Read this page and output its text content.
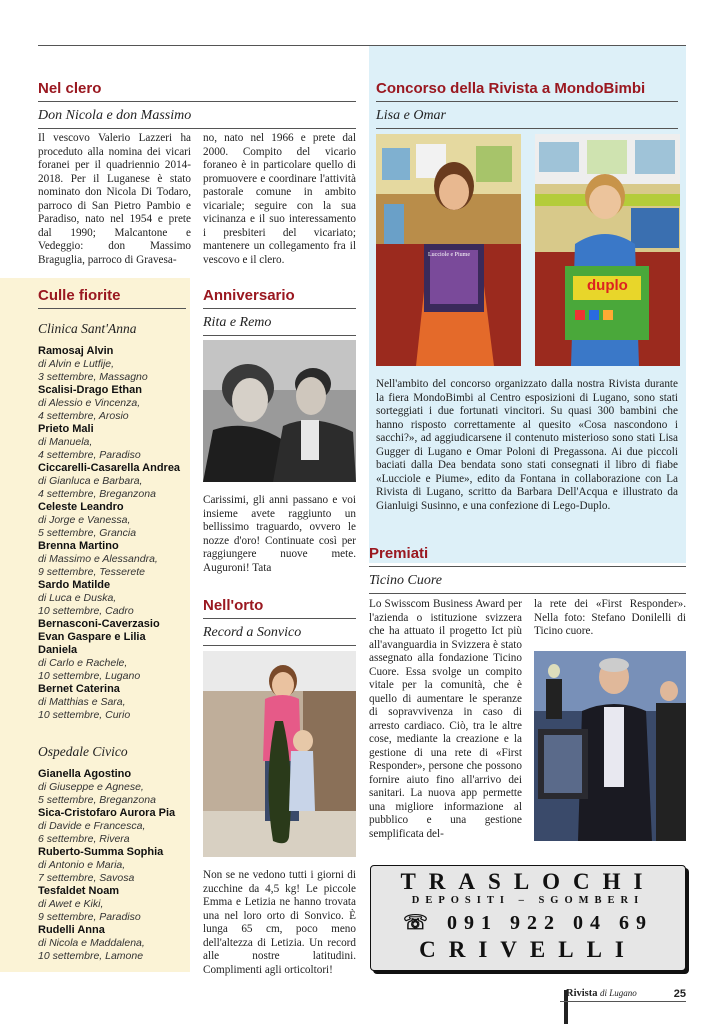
Nel clero

Don Nicola e don Massimo

Il vescovo Valerio Lazzeri ha proceduto alla nomina dei vicari foranei per il quadriennio 2014-2018. Per il Luganese è stato nominato don Nicola Di Todaro, parroco di San Pietro Pambio e Paradiso, nato nel 1954 e prete dal 1990; Malcantone e Vedeggio: don Massimo Braguglia, parroco di Gravesa-

no, nato nel 1966 e prete dal 2000. Compito del vicario foraneo è in particolare quello di promuovere e coordinare l'attività pastorale comune in ambito vicariale; seguire con la sua vicinanza e il suo interessamento i presbiteri del vicariato; mantenere un collegamento fra il vescovo e il clero.

Concorso della Rivista a MondoBimbi

Lisa e Omar

Lucciole e Piume
duplo

Nell'ambito del concorso organizzato dalla nostra Rivista durante la fiera MondoBimbi al Centro esposizioni di Lugano, sono stati sorteggiati i due fortunati vincitori. Su quasi 300 bambini che hanno risposto correttamente al quesito «Cosa nascondono i sacchi?», ad aggiudicarsene il contenuto misterioso sono stati Lisa Gugger di Lugano e Omar Poloni di Pregassona. Ai due piccoli baciati dalla Dea bendata sono stati consegnati il libro di fiabe «Lucciole e Piume», edito da Fontana in collaborazione con La Rivista di Lugano, scritto da Barbara Dell'Acqua e illustrato da Gianluigi Susinno, e una confezione di Lego-Duplo.

Culle fiorite

Clinica Sant'Anna

Ramosaj Alvin

di Alvin e Lutfije,

3 settembre, Massagno

Scalisi-Drago Ethan

di Alessio e Vincenza,

4 settembre, Arosio

Prieto Mali

di Manuela,

4 settembre, Paradiso

Ciccarelli-Casarella Andrea

di Gianluca e Barbara,

4 settembre, Breganzona

Celeste Leandro

di Jorge e Vanessa,

5 settembre, Grancia

Brenna Martino

di Massimo e Alessandra,

9 settembre, Tesserete

Sardo Matilde

di Luca e Duska,

10 settembre, Cadro

Bernasconi-Caverzasio

Evan Gaspare e Lilia Daniela

di Carlo e Rachele,

10 settembre, Lugano

Bernet Caterina

di Matthias e Sara,

10 settembre, Curio

Ospedale Civico

Gianella Agostino

di Giuseppe e Agnese,

5 settembre, Breganzona

Sica-Cristofaro Aurora Pia

di Davide e Francesca,

6 settembre, Rivera

Ruberto-Summa Sophia

di Antonio e Maria,

7 settembre, Savosa

Tesfaldet Noam

di Awet e Kiki,

9 settembre, Paradiso

Rudelli Anna

di Nicola e Maddalena,

10 settembre, Lamone

Anniversario

Rita e Remo

Carissimi, gli anni passano e voi insieme avete raggiunto un bellissimo traguardo, ovvero le nozze d'oro! Continuate così per raggiungere nuove mete. Auguroni! Tata

Nell'orto

Record a Sonvico

Non se ne vedono tutti i giorni di zucchine da 4,5 kg! Le piccole Emma e Letizia ne hanno trovata una nel loro orto di Sonvico. È lunga 65 cm, poco meno dell'altezza di Letizia. Un record alle nostre latitudini. Complimenti agli orticoltori!

Premiati

Ticino Cuore

Lo Swisscom Business Award per l'azienda o istituzione svizzera che ha attuato il progetto Ict più all'avanguardia in Svizzera è stato assegnato alla fondazione Ticino Cuore. Essa svolge un compito vitale per la comunità, che è quello di aumentare le speranze di sopravvivenza in caso di arresto cardiaco. Ciò, tra le altre cose, mediante la creazione e la gestione di una rete di «First Responder», persone che possono fornire aiuto fino all'arrivo dei sanitari. La nuova app permette una migliore informazione al pubblico e una gestione semplificata del-

la rete dei «First Responder». Nella foto: Stefano Donilelli di Ticino cuore.

TRASLOCHI

DEPOSITI – SGOMBERI

☏ 091 922 04 69

CRIVELLI

Rivista di Lugano	25
